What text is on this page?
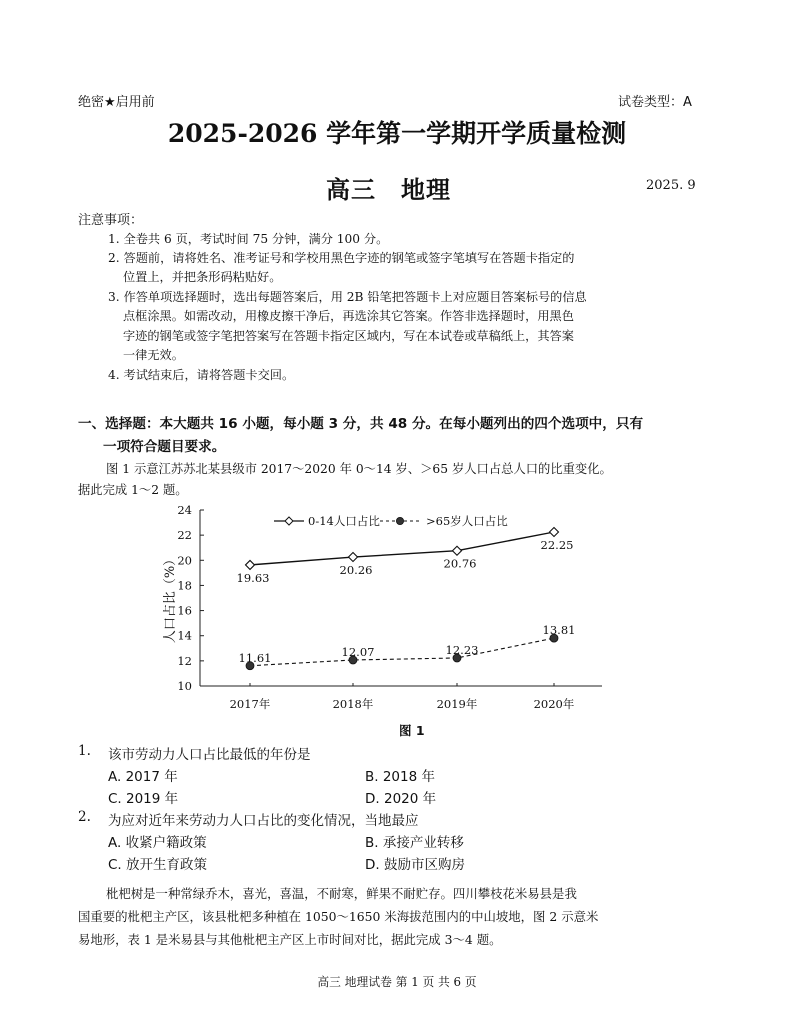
绝密★启用前	试卷类型：A
2025-2026 学年第一学期开学质量检测
高三　地理	2025. 9
注意事项：
1. 全卷共 6 页，考试时间 75 分钟，满分 100 分。
2. 答题前，请将姓名、准考证号和学校用黑色字迹的钢笔或签字笔填写在答题卡指定的
位置上，并把条形码粘贴好。
3. 作答单项选择题时，选出每题答案后，用 2B 铅笔把答题卡上对应题目答案标号的信息
点框涂黑。如需改动，用橡皮擦干净后，再选涂其它答案。作答非选择题时，用黑色
字迹的钢笔或签字笔把答案写在答题卡指定区域内，写在本试卷或草稿纸上，其答案
一律无效。
4. 考试结束后，请将答题卡交回。
一、选择题：本大题共 16 小题，每小题 3 分，共 48 分。在每小题列出的四个选项中，只有
一项符合题目要求。
图 1 示意江苏苏北某县级市 2017～2020 年 0～14 岁、＞65 岁人口占总人口的比重变化。
据此完成 1～2 题。
10
12
14
16
18
20
22
24
2017年	2018年	2019年	2020年
人口占比（%）	19.63
20.26	20.76
22.25
11.61	12.07	12.23
13.81
0-14人口占比	>65岁人口占比
图 1
1. 该市劳动力人口占比最低的年份是
A. 2017 年	B. 2018 年
C. 2019 年	D. 2020 年
2. 为应对近年来劳动力人口占比的变化情况，当地最应
A. 收紧户籍政策	B. 承接产业转移
C. 放开生育政策	D. 鼓励市区购房
枇杷树是一种常绿乔木，喜光，喜温，不耐寒，鲜果不耐贮存。四川攀枝花米易县是我
国重要的枇杷主产区，该县枇杷多种植在 1050～1650 米海拔范围内的中山坡地，图 2 示意米
易地形，表 1 是米易县与其他枇杷主产区上市时间对比，据此完成 3～4 题。
高三 地理试卷 第 1 页 共 6 页
